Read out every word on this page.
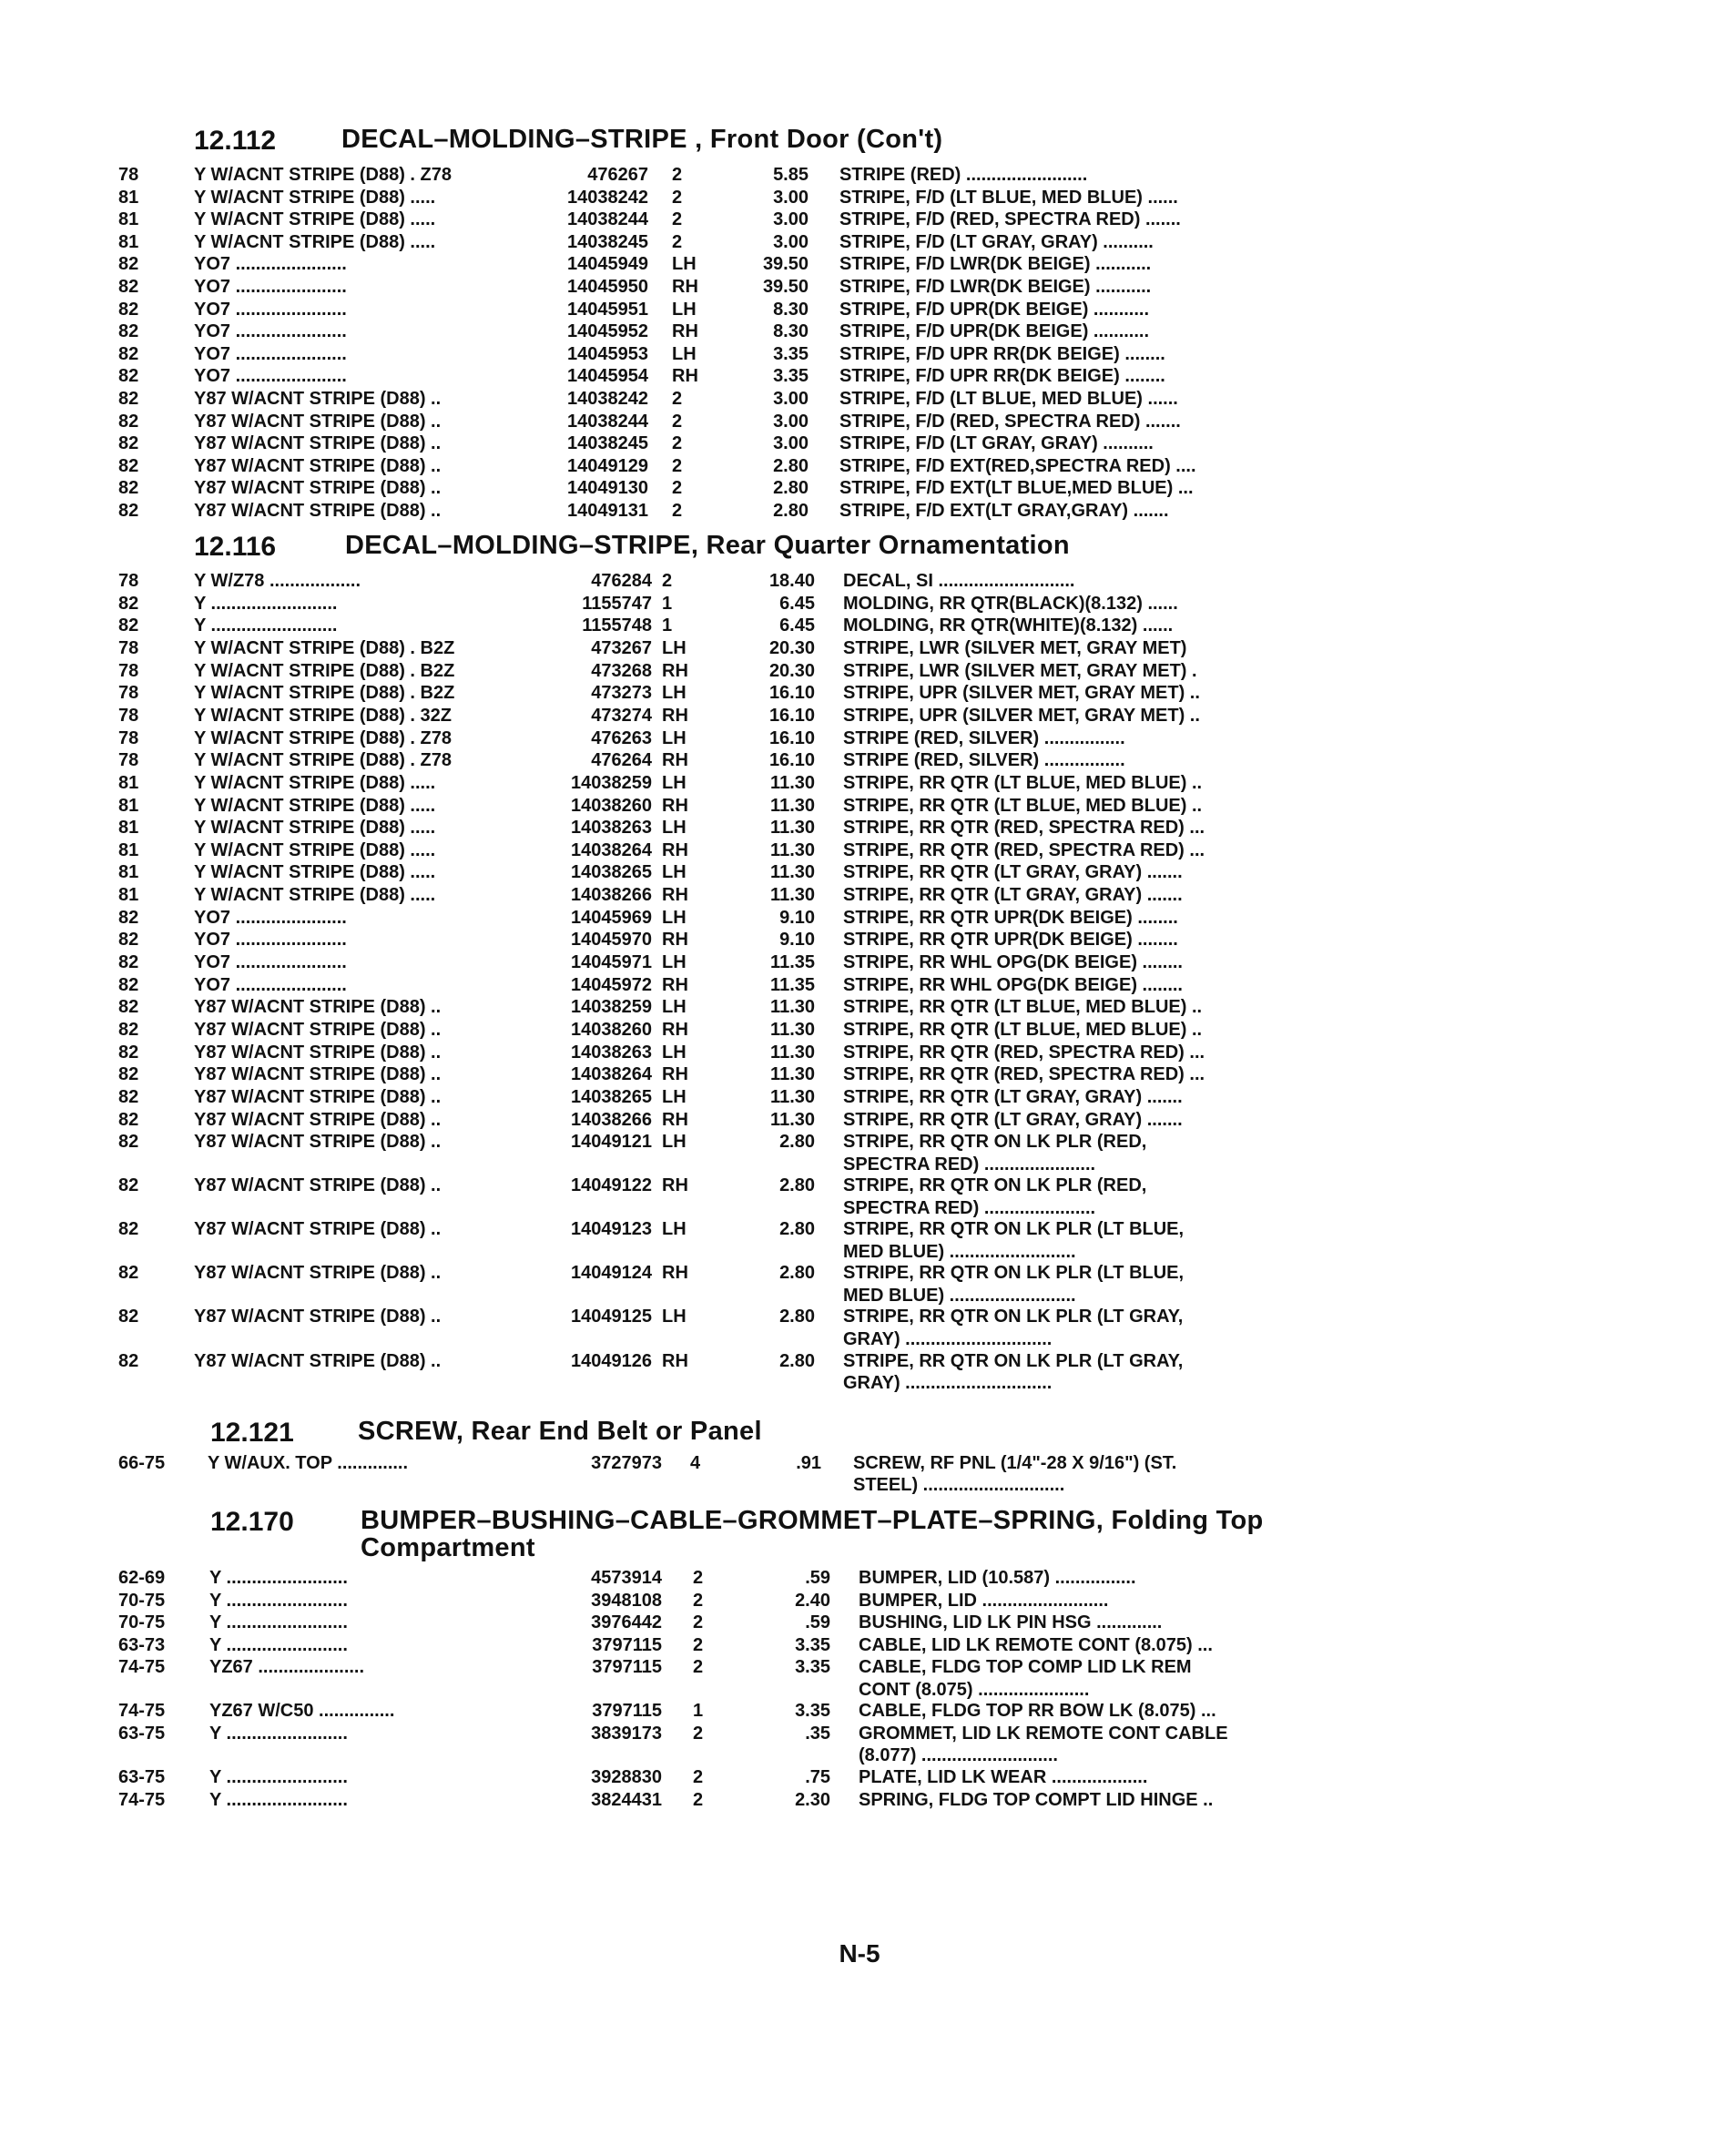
12.112 DECAL–MOLDING–STRIPE , Front Door (Con't)
78	Y W/ACNT STRIPE (D88) . Z78	476267 2	5.85 STRIPE (RED) ........................
81	Y W/ACNT STRIPE (D88) .....	14038242 2	3.00 STRIPE, F/D (LT BLUE, MED BLUE) ......
81	Y W/ACNT STRIPE (D88) .....	14038244 2	3.00 STRIPE, F/D (RED, SPECTRA RED) .......
81	Y W/ACNT STRIPE (D88) .....	14038245 2	3.00 STRIPE, F/D (LT GRAY, GRAY) ..........
82	YO7 ......................	14045949 LH	39.50 STRIPE, F/D LWR(DK BEIGE) ...........
82	YO7 ......................	14045950 RH	39.50 STRIPE, F/D LWR(DK BEIGE) ...........
82	YO7 ......................	14045951 LH	8.30 STRIPE, F/D UPR(DK BEIGE) ...........
82	YO7 ......................	14045952 RH	8.30 STRIPE, F/D UPR(DK BEIGE) ...........
82	YO7 ......................	14045953 LH	3.35 STRIPE, F/D UPR RR(DK BEIGE) ........
82	YO7 ......................	14045954 RH	3.35 STRIPE, F/D UPR RR(DK BEIGE) ........
82	Y87 W/ACNT STRIPE (D88) ..	14038242 2	3.00 STRIPE, F/D (LT BLUE, MED BLUE) ......
82	Y87 W/ACNT STRIPE (D88) ..	14038244 2	3.00 STRIPE, F/D (RED, SPECTRA RED) .......
82	Y87 W/ACNT STRIPE (D88) ..	14038245 2	3.00 STRIPE, F/D (LT GRAY, GRAY) ..........
82	Y87 W/ACNT STRIPE (D88) ..	14049129 2	2.80 STRIPE, F/D EXT(RED,SPECTRA RED) ....
82	Y87 W/ACNT STRIPE (D88) ..	14049130 2	2.80 STRIPE, F/D EXT(LT BLUE,MED BLUE) ...
82	Y87 W/ACNT STRIPE (D88) ..	14049131 2	2.80 STRIPE, F/D EXT(LT GRAY,GRAY) .......
12.116	DECAL–MOLDING–STRIPE, Rear Quarter Ornamentation
78	Y W/Z78 ..................	476284 2	18.40 DECAL, SI ...........................
82	Y .........................	1155747 1	6.45 MOLDING, RR QTR(BLACK)(8.132) ......
82	Y .........................	1155748 1	6.45 MOLDING, RR QTR(WHITE)(8.132) ......
78	Y W/ACNT STRIPE (D88) . B2Z	473267 LH	20.30 STRIPE, LWR (SILVER MET, GRAY MET)
78	Y W/ACNT STRIPE (D88) . B2Z	473268 RH	20.30 STRIPE, LWR (SILVER MET, GRAY MET) .
78	Y W/ACNT STRIPE (D88) . B2Z	473273 LH	16.10 STRIPE, UPR (SILVER MET, GRAY MET) ..
78	Y W/ACNT STRIPE (D88) . 32Z	473274 RH	16.10 STRIPE, UPR (SILVER MET, GRAY MET) ..
78	Y W/ACNT STRIPE (D88) . Z78	476263 LH	16.10 STRIPE (RED, SILVER) ................
78	Y W/ACNT STRIPE (D88) . Z78	476264 RH	16.10 STRIPE (RED, SILVER) ................
81	Y W/ACNT STRIPE (D88) .....	14038259 LH	11.30 STRIPE, RR QTR (LT BLUE, MED BLUE) ..
81	Y W/ACNT STRIPE (D88) .....	14038260 RH	11.30 STRIPE, RR QTR (LT BLUE, MED BLUE) ..
81	Y W/ACNT STRIPE (D88) .....	14038263 LH	11.30 STRIPE, RR QTR (RED, SPECTRA RED) ...
81	Y W/ACNT STRIPE (D88) .....	14038264 RH	11.30 STRIPE, RR QTR (RED, SPECTRA RED) ...
81	Y W/ACNT STRIPE (D88) .....	14038265 LH	11.30 STRIPE, RR QTR (LT GRAY, GRAY) .......
81	Y W/ACNT STRIPE (D88) .....	14038266 RH	11.30 STRIPE, RR QTR (LT GRAY, GRAY) .......
82	YO7 ......................	14045969 LH	9.10 STRIPE, RR QTR UPR(DK BEIGE) ........
82	YO7 ......................	14045970 RH	9.10 STRIPE, RR QTR UPR(DK BEIGE) ........
82	YO7 ......................	14045971 LH	11.35 STRIPE, RR WHL OPG(DK BEIGE) ........
82	YO7 ......................	14045972 RH	11.35 STRIPE, RR WHL OPG(DK BEIGE) ........
82	Y87 W/ACNT STRIPE (D88) ..	14038259 LH	11.30 STRIPE, RR QTR (LT BLUE, MED BLUE) ..
82	Y87 W/ACNT STRIPE (D88) ..	14038260 RH	11.30 STRIPE, RR QTR (LT BLUE, MED BLUE) ..
82	Y87 W/ACNT STRIPE (D88) ..	14038263 LH	11.30 STRIPE, RR QTR (RED, SPECTRA RED) ...
82	Y87 W/ACNT STRIPE (D88) ..	14038264 RH	11.30 STRIPE, RR QTR (RED, SPECTRA RED) ...
82	Y87 W/ACNT STRIPE (D88) ..	14038265 LH	11.30 STRIPE, RR QTR (LT GRAY, GRAY) .......
82	Y87 W/ACNT STRIPE (D88) ..	14038266 RH	11.30 STRIPE, RR QTR (LT GRAY, GRAY) .......
82	Y87 W/ACNT STRIPE (D88) ..	14049121 LH	2.80 STRIPE, RR QTR ON LK PLR (RED,
SPECTRA RED) ......................
82	Y87 W/ACNT STRIPE (D88) ..	14049122 RH	2.80 STRIPE, RR QTR ON LK PLR (RED,
SPECTRA RED) ......................
82	Y87 W/ACNT STRIPE (D88) ..	14049123 LH	2.80 STRIPE, RR QTR ON LK PLR (LT BLUE,
MED BLUE) .........................
82	Y87 W/ACNT STRIPE (D88) ..	14049124 RH	2.80 STRIPE, RR QTR ON LK PLR (LT BLUE,
MED BLUE) .........................
82	Y87 W/ACNT STRIPE (D88) ..	14049125 LH	2.80 STRIPE, RR QTR ON LK PLR (LT GRAY,
GRAY) .............................
82	Y87 W/ACNT STRIPE (D88) ..	14049126 RH	2.80 STRIPE, RR QTR ON LK PLR (LT GRAY,
GRAY) .............................
12.121 SCREW, Rear End Belt or Panel
66-75 Y W/AUX. TOP ..............	3727973 4	.91 SCREW, RF PNL (1/4"-28 X 9/16") (ST.
STEEL) ............................
12.170	BUMPER–BUSHING–CABLE–GROMMET–PLATE–SPRING, Folding Top
Compartment
62-69 Y ........................	4573914 2	.59 BUMPER, LID (10.587) ................
70-75 Y ........................	3948108 2	2.40 BUMPER, LID .........................
70-75 Y ........................	3976442 2	.59 BUSHING, LID LK PIN HSG .............
63-73 Y ........................	3797115 2	3.35 CABLE, LID LK REMOTE CONT (8.075) ...
74-75 YZ67 .....................	3797115 2	3.35 CABLE, FLDG TOP COMP LID LK REM
CONT (8.075) ......................
74-75 YZ67 W/C50 ...............	3797115 1	3.35 CABLE, FLDG TOP RR BOW LK (8.075) ...
63-75 Y ........................	3839173 2	.35 GROMMET, LID LK REMOTE CONT CABLE
(8.077) ...........................
63-75 Y ........................	3928830 2	.75 PLATE, LID LK WEAR ...................
74-75 Y ........................	3824431 2	2.30 SPRING, FLDG TOP COMPT LID HINGE ..
N-5
